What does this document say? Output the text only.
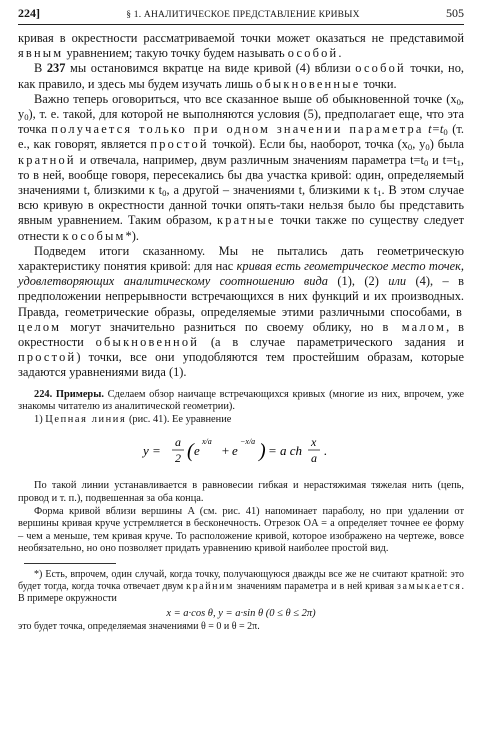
224]	§ 1. АНАЛИТИЧЕСКОЕ ПРЕДСТАВЛЕНИЕ КРИВЫХ	505

кривая в окрестности рассматриваемой точки может оказаться не представимой явным уравнением; такую точку будем называть особой.

В 237 мы остановимся вкратце на виде кривой (4) вблизи особой точки, но, как правило, и здесь мы будем изучать лишь обыкновенные точки.

Важно теперь оговориться, что все сказанное выше об обыкновенной точке ($x_0$, $y_0$), т. е. такой, для которой не выполняются условия (5), предполагает еще, что эта точка получается только при одном значении параметра $t=t_0$ (т. е., как говорят, является простой точкой). Если бы, наоборот, точка ($x_0$, $y_0$) была кратной и отвечала, например, двум различным значениям параметра $t=t_0$ и $t=t_1$, то в ней, вообще говоря, пересекались бы два участка кривой: один, определяемый значениями t, близкими к $t_0$, а другой – значениями t, близкими к $t_1$. В этом случае всю кривую в окрестности данной точки опять-таки нельзя было бы представить явным уравнением. Таким образом, кратные точки также по существу следует отнести к особым*).

Подведем итоги сказанному. Мы не пытались дать геометрическую характеристику понятия кривой: для нас кривая есть геометрическое место точек, удовлетворяющих аналитическому соотношению вида (1), (2) или (4), – в предположении непрерывности встречающихся в них функций и их производных. Правда, геометрические образы, определяемые этими различными способами, в целом могут значительно разниться по своему облику, но в малом, в окрестности обыкновенной (а в случае параметрического задания и простой) точки, все они уподобляются тем простейшим образам, которые задаются уравнениями вида (1).

224. Примеры. Сделаем обзор наичаще встречающихся кривых (многие из них, впрочем, уже знакомы читателю из аналитической геометрии).

1) Цепная линия (рис. 41). Ее уравнение

y =
a
2 ( e
x/a
+ e
−x/a ) = a ch
x
a .

По такой линии устанавливается в равновесии гибкая и нерастяжимая тяжелая нить (цепь, провод и т. п.), подвешенная за оба конца.

Форма кривой вблизи вершины A (см. рис. 41) напоминает параболу, но при удалении от вершины кривая круче устремляется в бесконечность. Отрезок OA = a определяет точнее ее форму – чем a меньше, тем кривая круче. То расположение кривой, которое изображено на чертеже, вовсе необязательно, но оно позволяет придать уравнению кривой наиболее простой вид.

*) Есть, впрочем, один случай, когда точку, получающуюся дважды все же не считают кратной: это будет тогда, когда точка отвечает двум крайним значениям параметра и в ней кривая замыкается. В примере окружности

x = a·cos θ, y = a·sin θ (0 ≤ θ ≤ 2π)

это будет точка, определяемая значениями θ = 0 и θ = 2π.
